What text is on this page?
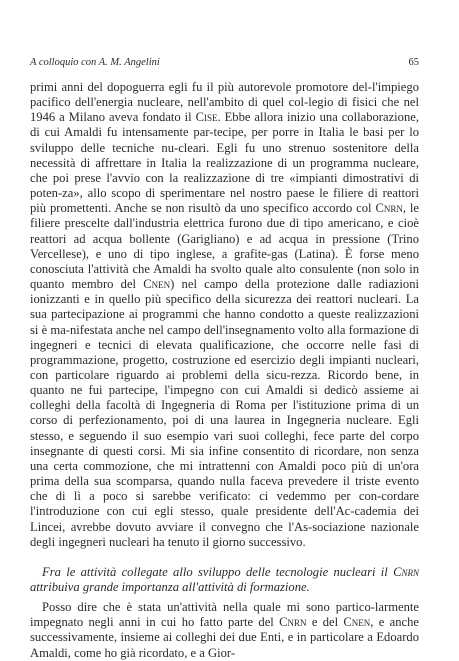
A colloquio con A. M. Angelini	65

primi anni del dopoguerra egli fu il più autorevole promotore del-l'impiego pacifico dell'energia nucleare, nell'ambito di quel col-legio di fisici che nel 1946 a Milano aveva fondato il Cise. Ebbe allora inizio una collaborazione, di cui Amaldi fu intensamente par-tecipe, per porre in Italia le basi per lo sviluppo delle tecniche nu-cleari. Egli fu uno strenuo sostenitore della necessità di affrettare in Italia la realizzazione di un programma nucleare, che poi prese l'avvio con la realizzazione di tre «impianti dimostrativi di poten-za», allo scopo di sperimentare nel nostro paese le filiere di reattori più promettenti. Anche se non risultò da uno specifico accordo col Cnrn, le filiere prescelte dall'industria elettrica furono due di tipo americano, e cioè reattori ad acqua bollente (Garigliano) e ad acqua in pressione (Trino Vercellese), e uno di tipo inglese, a grafite-gas (Latina). È forse meno conosciuta l'attività che Amaldi ha svolto quale alto consulente (non solo in quanto membro del Cnen) nel campo della protezione dalle radiazioni ionizzanti e in quello più specifico della sicurezza dei reattori nucleari. La sua partecipazione ai programmi che hanno condotto a queste realizzazioni si è ma-nifestata anche nel campo dell'insegnamento volto alla formazione di ingegneri e tecnici di elevata qualificazione, che occorre nelle fasi di programmazione, progetto, costruzione ed esercizio degli impianti nucleari, con particolare riguardo ai problemi della sicu-rezza. Ricordo bene, in quanto ne fui partecipe, l'impegno con cui Amaldi si dedicò assieme ai colleghi della facoltà di Ingegneria di Roma per l'istituzione prima di un corso di perfezionamento, poi di una laurea in Ingegneria nucleare. Egli stesso, e seguendo il suo esempio vari suoi colleghi, fece parte del corpo insegnante di questi corsi. Mi sia infine consentito di ricordare, non senza una certa commozione, che mi intrattenni con Amaldi poco più di un'ora prima della sua scomparsa, quando nulla faceva prevedere il triste evento che di lì a poco si sarebbe verificato: ci vedemmo per con-cordare l'introduzione con cui egli stesso, quale presidente dell'Ac-cademia dei Lincei, avrebbe dovuto avviare il convegno che l'As-sociazione nazionale degli ingegneri nucleari ha tenuto il giorno successivo.

Fra le attività collegate allo sviluppo delle tecnologie nucleari il Cnrn attribuiva grande importanza all'attività di formazione.

Posso dire che è stata un'attività nella quale mi sono partico-larmente impegnato negli anni in cui ho fatto parte del Cnrn e del Cnen, e anche successivamente, insieme ai colleghi dei due Enti, e in particolare a Edoardo Amaldi, come ho già ricordato, e a Gior-
